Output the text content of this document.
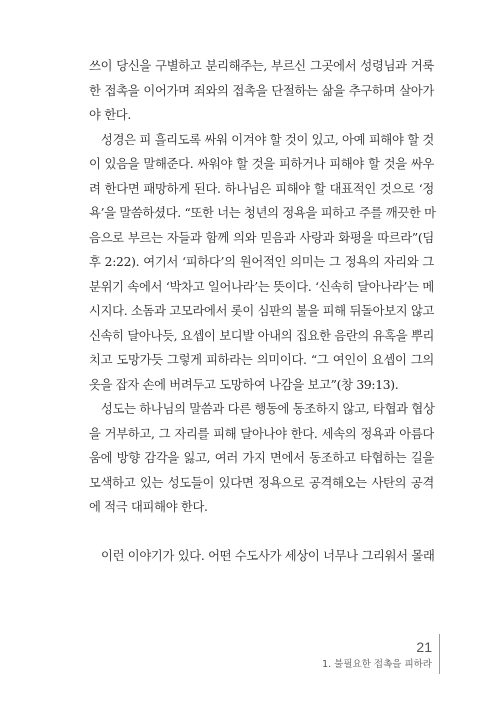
쓰이 당신을 구별하고 분리해주는, 부르신 그곳에서 성령님과 거룩
한 접촉을 이어가며 죄와의 접촉을 단절하는 삶을 추구하며 살아가
야 한다.

성경은 피 흘리도록 싸워 이겨야 할 것이 있고, 아예 피해야 할 것
이 있음을 말해준다. 싸워야 할 것을 피하거나 피해야 할 것을 싸우
려 한다면 패망하게 된다. 하나님은 피해야 할 대표적인 것으로 ‘정
욕’을 말씀하셨다. “또한 너는 청년의 정욕을 피하고 주를 깨끗한 마
음으로 부르는 자들과 함께 의와 믿음과 사랑과 화평을 따르라”(딤
후 2:22). 여기서 ‘피하다’의 원어적인 의미는 그 정욕의 자리와 그
분위기 속에서 ‘박차고 일어나라’는 뜻이다. ‘신속히 달아나라’는 메
시지다. 소돔과 고모라에서 롯이 심판의 불을 피해 뒤돌아보지 않고
신속히 달아나듯, 요셉이 보디발 아내의 집요한 음란의 유혹을 뿌리
치고 도망가듯 그렇게 피하라는 의미이다. “그 여인이 요셉이 그의
옷을 잡자 손에 버려두고 도망하여 나감을 보고”(창 39:13).

성도는 하나님의 말씀과 다른 행동에 동조하지 않고, 타협과 협상
을 거부하고, 그 자리를 피해 달아나야 한다. 세속의 정욕과 아름다
움에 방향 감각을 잃고, 여러 가지 면에서 동조하고 타협하는 길을
모색하고 있는 성도들이 있다면 정욕으로 공격해오는 사탄의 공격
에 적극 대피해야 한다.

이런 이야기가 있다. 어떤 수도사가 세상이 너무나 그리워서 몰래

21
1. 불필요한 접촉을 피하라
